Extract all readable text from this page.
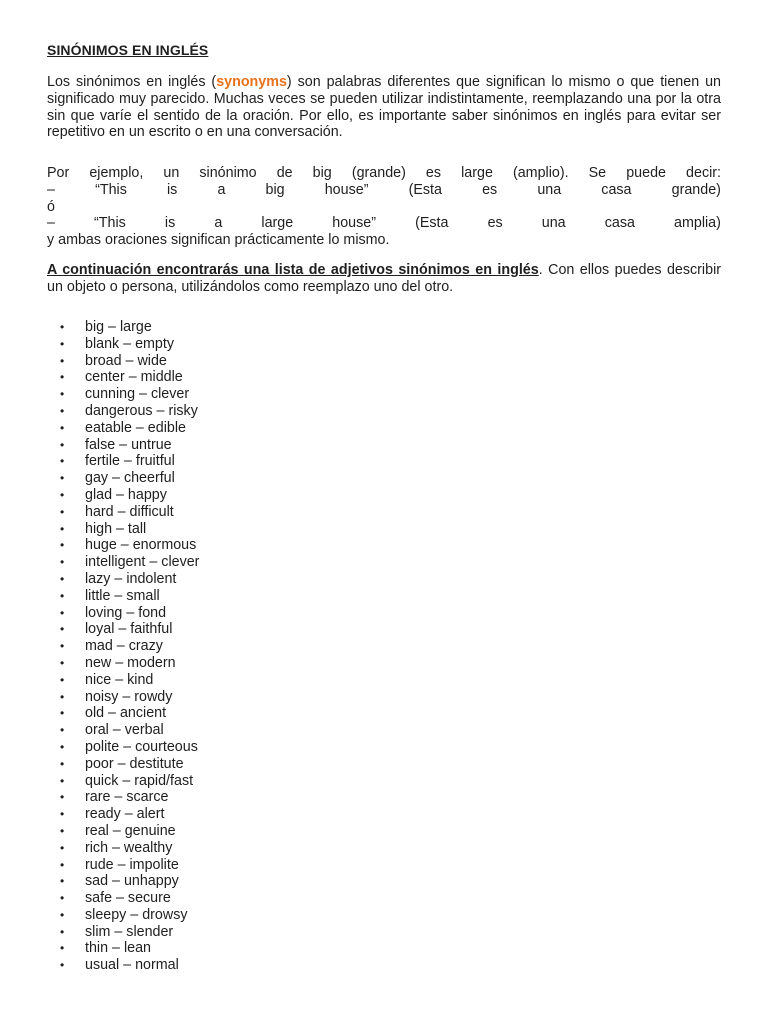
SINÓNIMOS EN INGLÉS
Los sinónimos en inglés (synonyms) son palabras diferentes que significan lo mismo o que tienen un significado muy parecido. Muchas veces se pueden utilizar indistintamente, reemplazando una por la otra sin que varíe el sentido de la oración. Por ello, es importante saber sinónimos en inglés para evitar ser repetitivo en un escrito o en una conversación.
Por ejemplo, un sinónimo de big (grande) es large (amplio). Se puede decir:
–	“This	is	a	big	house”	(Esta	es	una	casa	grande)
ó
–	“This	is	a	large	house”	(Esta	es	una	casa	amplia)
y ambas oraciones significan prácticamente lo mismo.
A continuación encontrarás una lista de adjetivos sinónimos en inglés. Con ellos puedes describir un objeto o persona, utilizándolos como reemplazo uno del otro.
• big – large
• blank – empty
• broad – wide
• center – middle
• cunning – clever
• dangerous – risky
• eatable – edible
• false – untrue
• fertile – fruitful
• gay – cheerful
• glad – happy
• hard – difficult
• high – tall
• huge – enormous
• intelligent – clever
• lazy – indolent
• little – small
• loving – fond
• loyal – faithful
• mad – crazy
• new – modern
• nice – kind
• noisy – rowdy
• old – ancient
• oral – verbal
• polite – courteous
• poor – destitute
• quick – rapid/fast
• rare – scarce
• ready – alert
• real – genuine
• rich – wealthy
• rude – impolite
• sad – unhappy
• safe – secure
• sleepy – drowsy
• slim – slender
• thin – lean
• usual – normal
